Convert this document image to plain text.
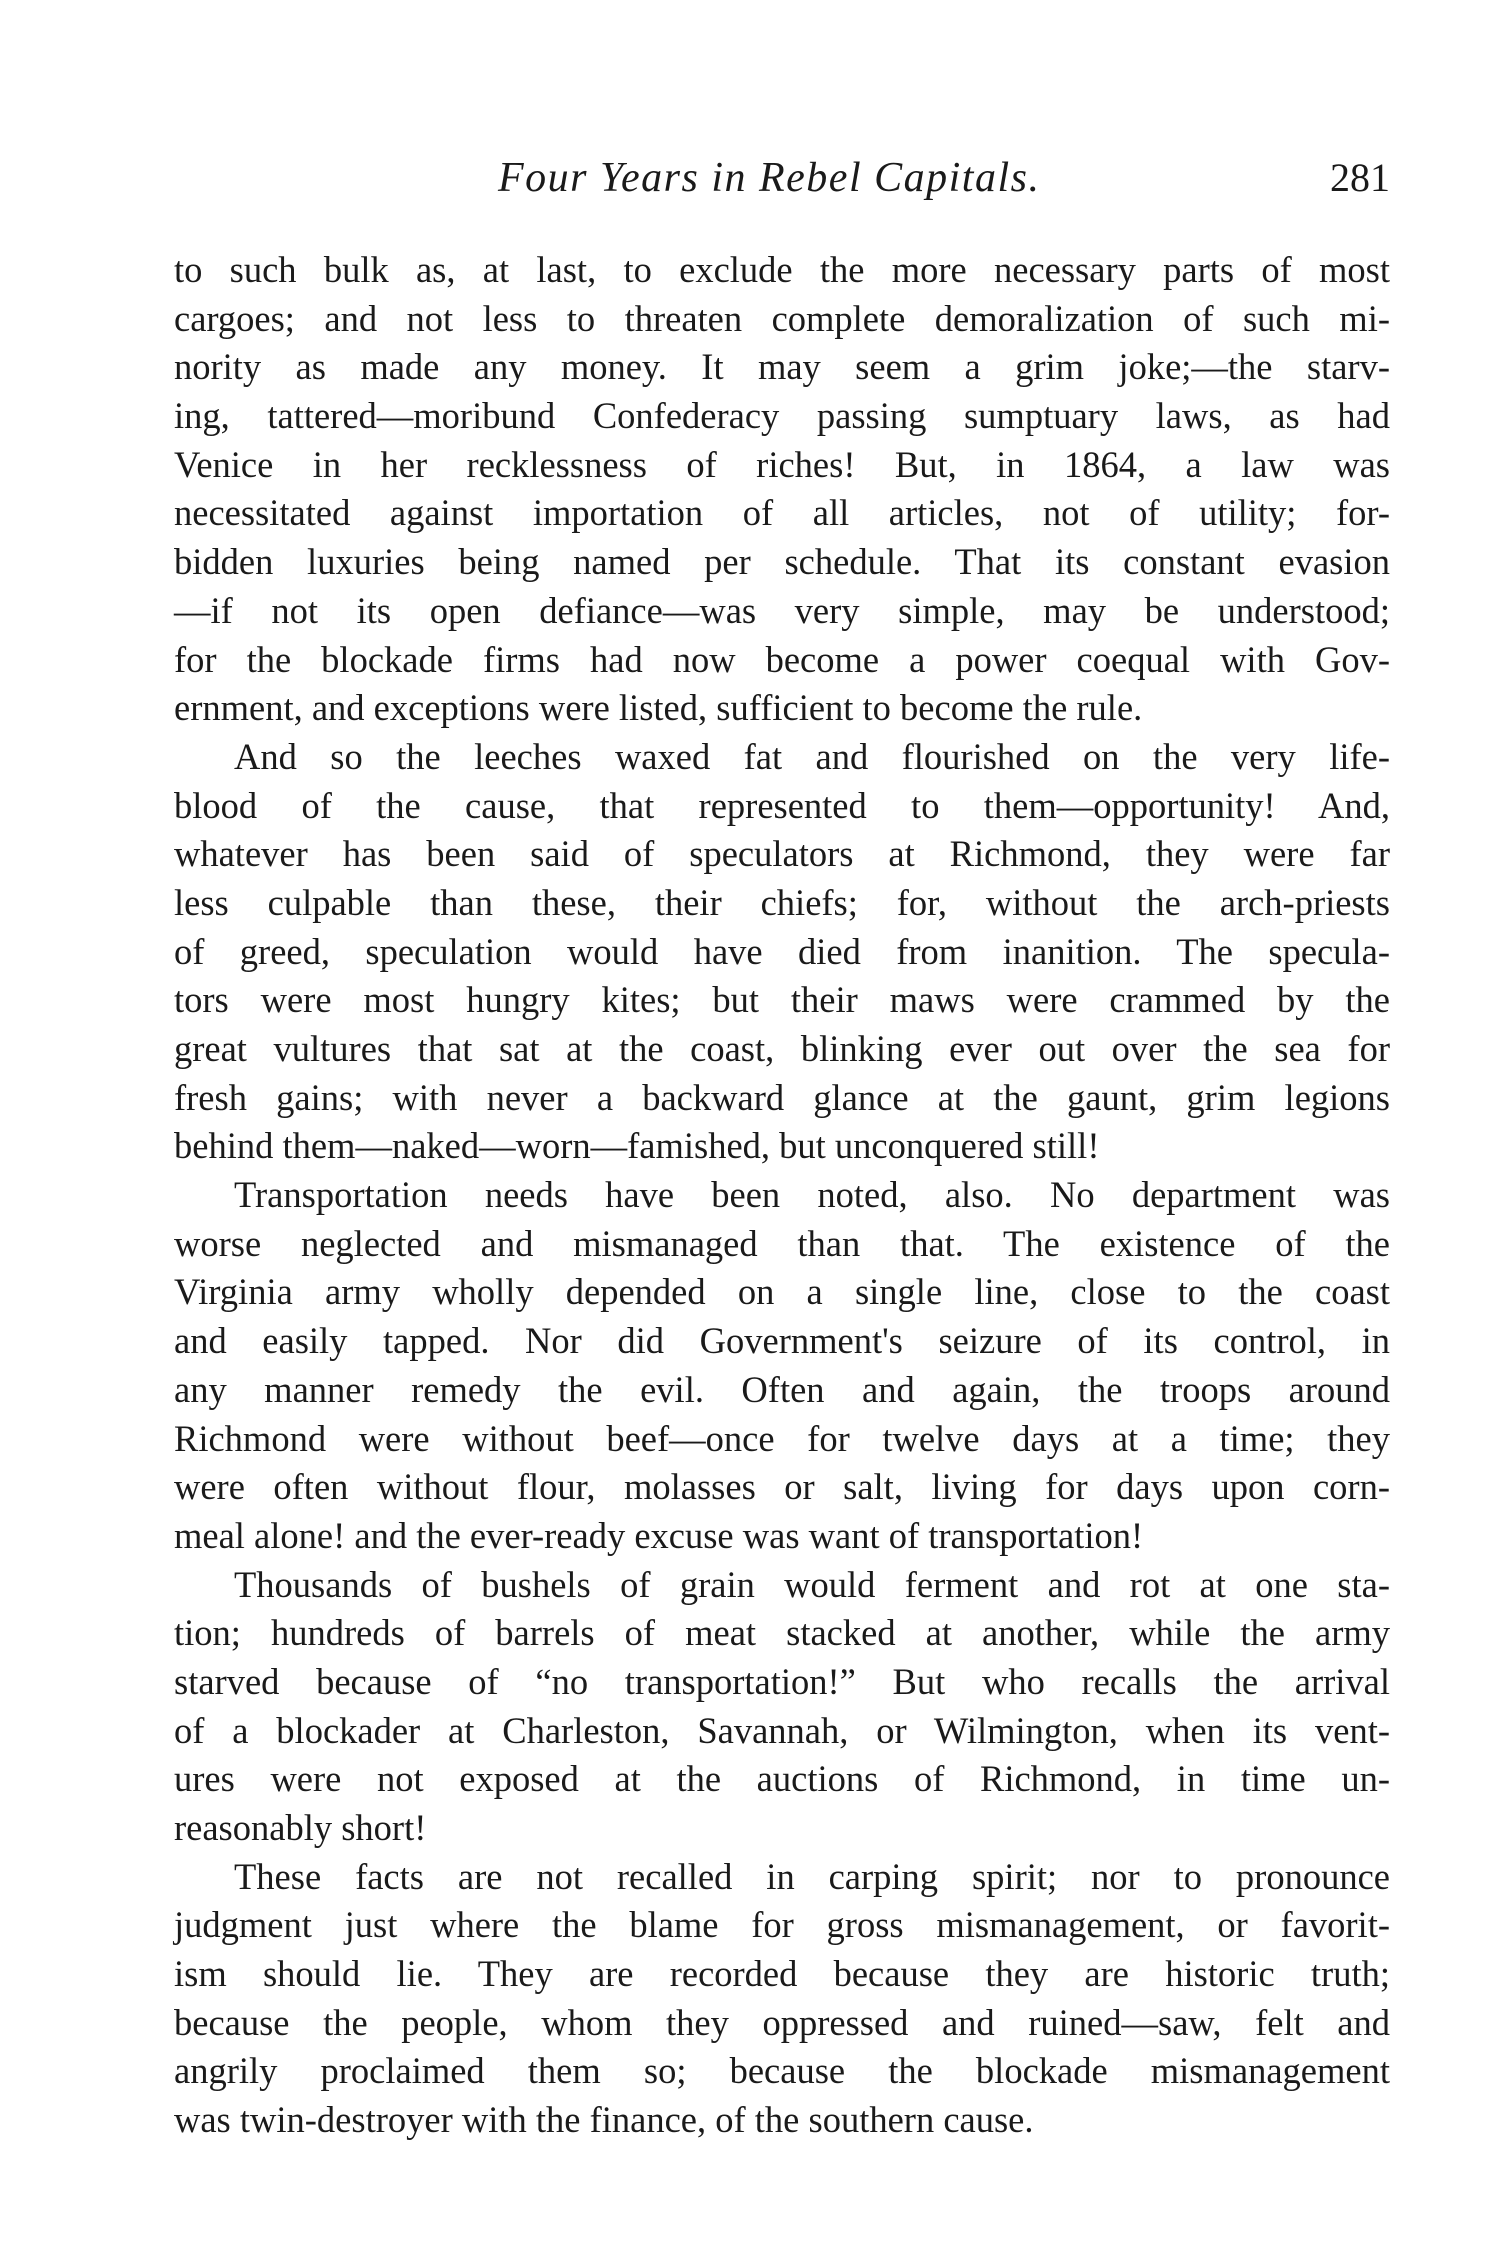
Four Years in Rebel Capitals.	281
to such bulk as, at last, to exclude the more necessary parts of most
cargoes; and not less to threaten complete demoralization of such mi-
nority as made any money. It may seem a grim joke;—the starv-
ing, tattered—moribund Confederacy passing sumptuary laws, as had
Venice in her recklessness of riches! But, in 1864, a law was
necessitated against importation of all articles, not of utility; for-
bidden luxuries being named per schedule. That its constant evasion
—if not its open defiance—was very simple, may be understood;
for the blockade firms had now become a power coequal with Gov-
ernment, and exceptions were listed, sufficient to become the rule.
And so the leeches waxed fat and flourished on the very life-
blood of the cause, that represented to them—opportunity! And,
whatever has been said of speculators at Richmond, they were far
less culpable than these, their chiefs; for, without the arch-priests
of greed, speculation would have died from inanition. The specula-
tors were most hungry kites; but their maws were crammed by the
great vultures that sat at the coast, blinking ever out over the sea for
fresh gains; with never a backward glance at the gaunt, grim legions
behind them—naked—worn—famished, but unconquered still!
Transportation needs have been noted, also. No department was
worse neglected and mismanaged than that. The existence of the
Virginia army wholly depended on a single line, close to the coast
and easily tapped. Nor did Government's seizure of its control, in
any manner remedy the evil. Often and again, the troops around
Richmond were without beef—once for twelve days at a time; they
were often without flour, molasses or salt, living for days upon corn-
meal alone! and the ever-ready excuse was want of transportation!
Thousands of bushels of grain would ferment and rot at one sta-
tion; hundreds of barrels of meat stacked at another, while the army
starved because of “no transportation!” But who recalls the arrival
of a blockader at Charleston, Savannah, or Wilmington, when its vent-
ures were not exposed at the auctions of Richmond, in time un-
reasonably short!
These facts are not recalled in carping spirit; nor to pronounce
judgment just where the blame for gross mismanagement, or favorit-
ism should lie. They are recorded because they are historic truth;
because the people, whom they oppressed and ruined—saw, felt and
angrily proclaimed them so; because the blockade mismanagement
was twin-destroyer with the finance, of the southern cause.
